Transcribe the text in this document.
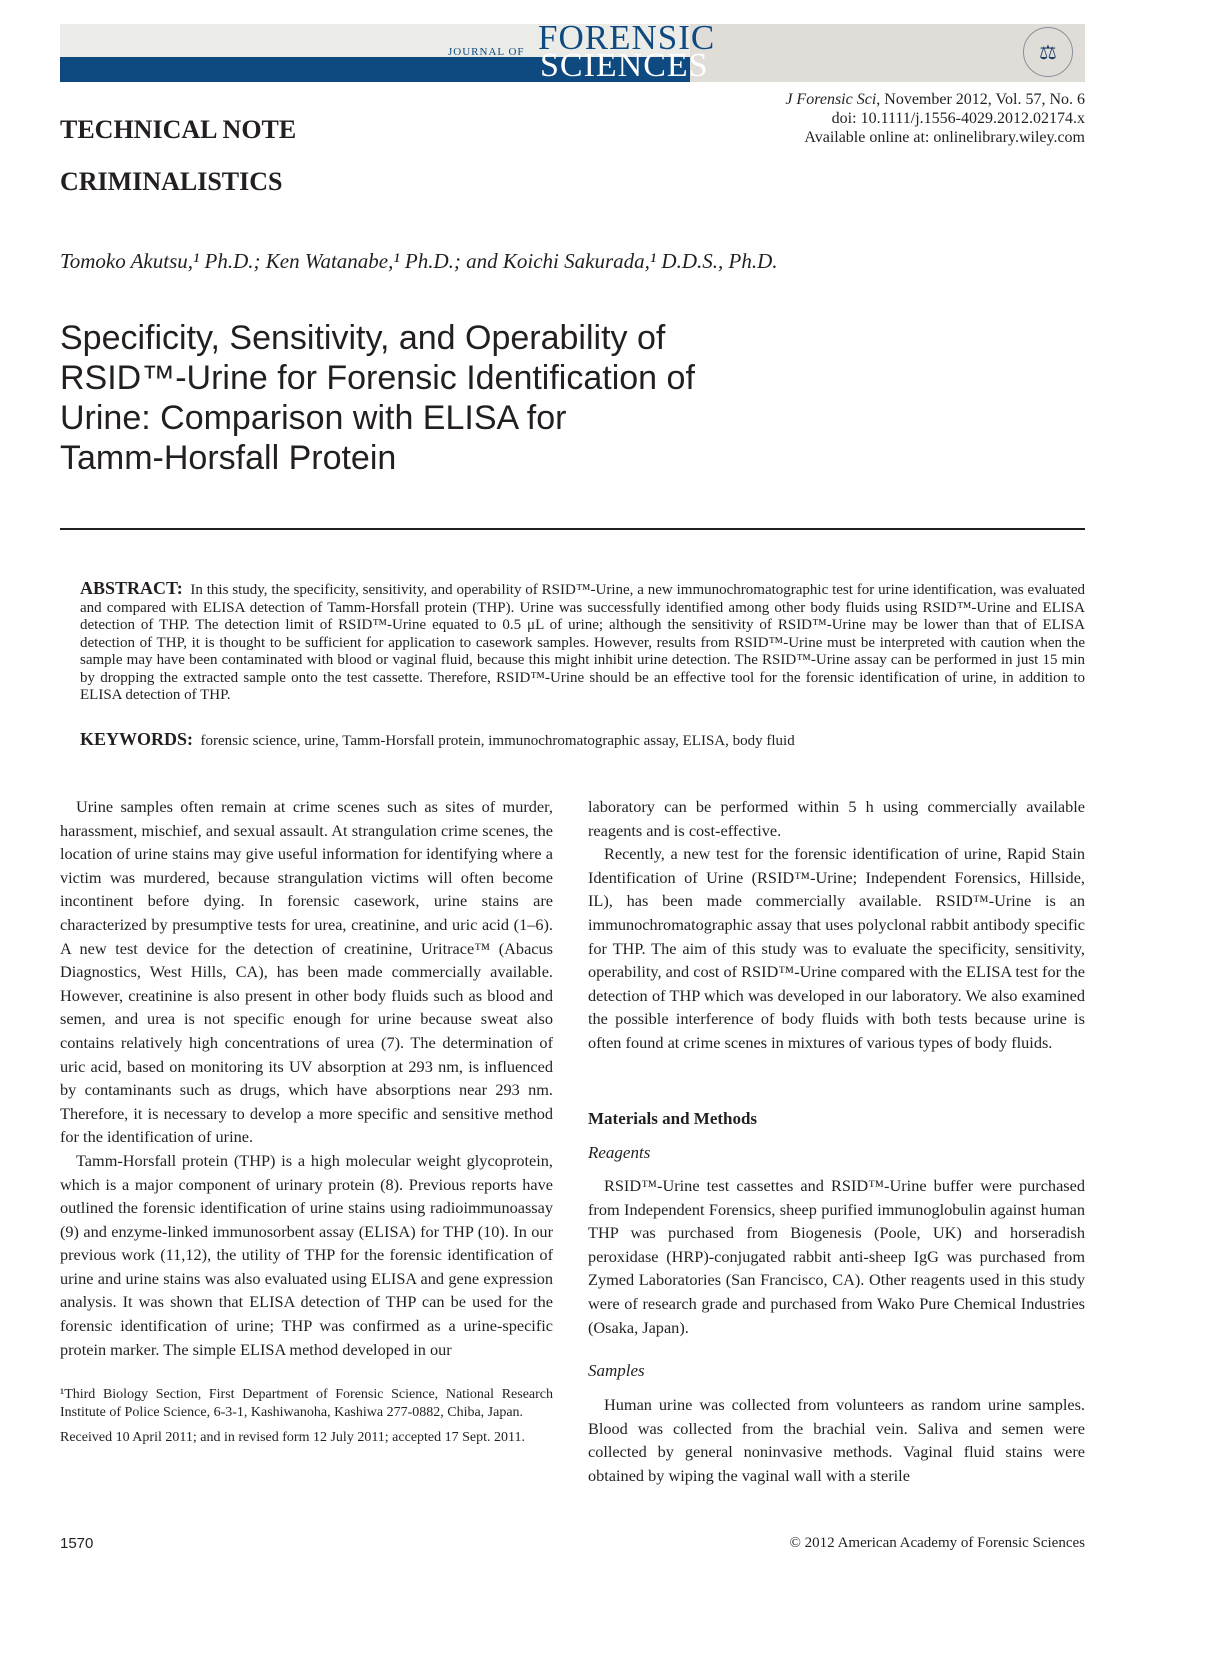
JOURNAL OF FORENSIC
SCIENCES	⚖
J Forensic Sci, November 2012, Vol. 57, No. 6
doi: 10.1111/j.1556-4029.2012.02174.x
Available online at: onlinelibrary.wiley.com
TECHNICAL NOTE
CRIMINALISTICS
Tomoko Akutsu,¹ Ph.D.; Ken Watanabe,¹ Ph.D.; and Koichi Sakurada,¹ D.D.S., Ph.D.
Specificity, Sensitivity, and Operability of
RSID™-Urine for Forensic Identification of
Urine: Comparison with ELISA for
Tamm-Horsfall Protein
ABSTRACT: In this study, the specificity, sensitivity, and operability of RSID™-Urine, a new immunochromatographic test for urine identification, was evaluated and compared with ELISA detection of Tamm-Horsfall protein (THP). Urine was successfully identified among other body fluids using RSID™-Urine and ELISA detection of THP. The detection limit of RSID™-Urine equated to 0.5 μL of urine; although the sensitivity of RSID™-Urine may be lower than that of ELISA detection of THP, it is thought to be sufficient for application to casework samples. However, results from RSID™-Urine must be interpreted with caution when the sample may have been contaminated with blood or vaginal fluid, because this might inhibit urine detection. The RSID™-Urine assay can be performed in just 15 min by dropping the extracted sample onto the test cassette. Therefore, RSID™-Urine should be an effective tool for the forensic identification of urine, in addition to ELISA detection of THP.
KEYWORDS: forensic science, urine, Tamm-Horsfall protein, immunochromatographic assay, ELISA, body fluid

Urine samples often remain at crime scenes such as sites of murder, harassment, mischief, and sexual assault. At strangulation crime scenes, the location of urine stains may give useful information for identifying where a victim was murdered, because strangulation victims will often become incontinent before dying. In forensic casework, urine stains are characterized by presumptive tests for urea, creatinine, and uric acid (1–6). A new test device for the detection of creatinine, Uritrace™ (Abacus Diagnostics, West Hills, CA), has been made commercially available. However, creatinine is also present in other body fluids such as blood and semen, and urea is not specific enough for urine because sweat also contains relatively high concentrations of urea (7). The determination of uric acid, based on monitoring its UV absorption at 293 nm, is influenced by contaminants such as drugs, which have absorptions near 293 nm. Therefore, it is necessary to develop a more specific and sensitive method for the identification of urine.

Tamm-Horsfall protein (THP) is a high molecular weight glycoprotein, which is a major component of urinary protein (8). Previous reports have outlined the forensic identification of urine stains using radioimmunoassay (9) and enzyme-linked immunosorbent assay (ELISA) for THP (10). In our previous work (11,12), the utility of THP for the forensic identification of urine and urine stains was also evaluated using ELISA and gene expression analysis. It was shown that ELISA detection of THP can be used for the forensic identification of urine; THP was confirmed as a urine-specific protein marker. The simple ELISA method developed in our

laboratory can be performed within 5 h using commercially available reagents and is cost-effective.

Recently, a new test for the forensic identification of urine, Rapid Stain Identification of Urine (RSID™-Urine; Independent Forensics, Hillside, IL), has been made commercially available. RSID™-Urine is an immunochromatographic assay that uses polyclonal rabbit antibody specific for THP. The aim of this study was to evaluate the specificity, sensitivity, operability, and cost of RSID™-Urine compared with the ELISA test for the detection of THP which was developed in our laboratory. We also examined the possible interference of body fluids with both tests because urine is often found at crime scenes in mixtures of various types of body fluids.

Materials and Methods
Reagents

RSID™-Urine test cassettes and RSID™-Urine buffer were purchased from Independent Forensics, sheep purified immunoglobulin against human THP was purchased from Biogenesis (Poole, UK) and horseradish peroxidase (HRP)-conjugated rabbit anti-sheep IgG was purchased from Zymed Laboratories (San Francisco, CA). Other reagents used in this study were of research grade and purchased from Wako Pure Chemical Industries (Osaka, Japan).

Samples

Human urine was collected from volunteers as random urine samples. Blood was collected from the brachial vein. Saliva and semen were collected by general noninvasive methods. Vaginal fluid stains were obtained by wiping the vaginal wall with a sterile

¹Third Biology Section, First Department of Forensic Science, National Research Institute of Police Science, 6-3-1, Kashiwanoha, Kashiwa 277-0882, Chiba, Japan.

Received 10 April 2011; and in revised form 12 July 2011; accepted 17 Sept. 2011.

1570	© 2012 American Academy of Forensic Sciences
